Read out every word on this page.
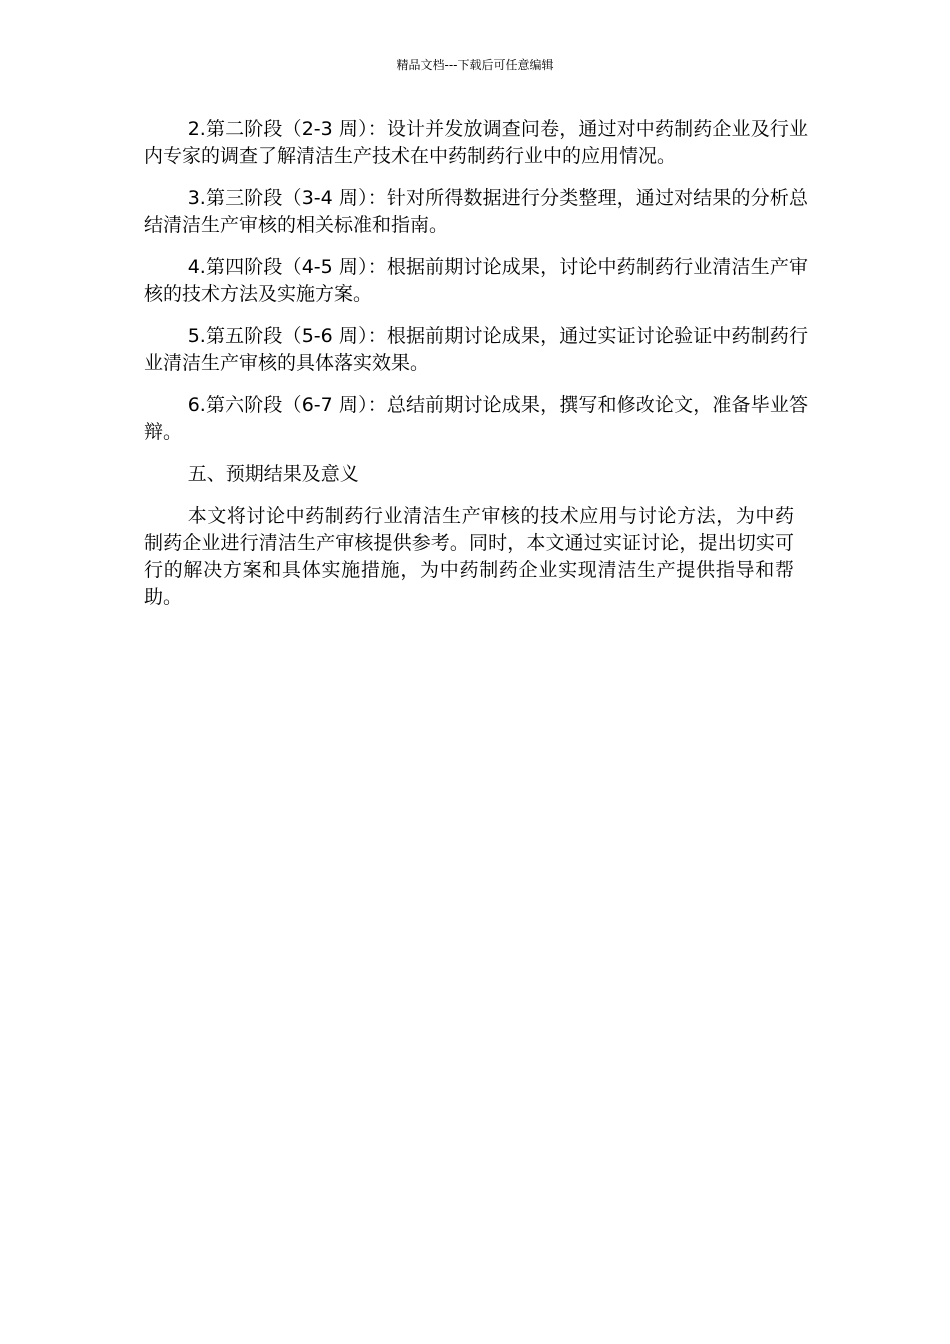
精品文档---下载后可任意编辑

2.第二阶段（2-3 周）：设计并发放调查问卷，通过对中药制药企业及行业内专家的调查了解清洁生产技术在中药制药行业中的应用情况。

3.第三阶段（3-4 周）：针对所得数据进行分类整理，通过对结果的分析总结清洁生产审核的相关标准和指南。

4.第四阶段（4-5 周）：根据前期讨论成果，讨论中药制药行业清洁生产审核的技术方法及实施方案。

5.第五阶段（5-6 周）：根据前期讨论成果，通过实证讨论验证中药制药行业清洁生产审核的具体落实效果。

6.第六阶段（6-7 周）：总结前期讨论成果，撰写和修改论文，准备毕业答辩。

五、预期结果及意义

本文将讨论中药制药行业清洁生产审核的技术应用与讨论方法，为中药制药企业进行清洁生产审核提供参考。同时，本文通过实证讨论，提出切实可行的解决方案和具体实施措施，为中药制药企业实现清洁生产提供指导和帮助。
